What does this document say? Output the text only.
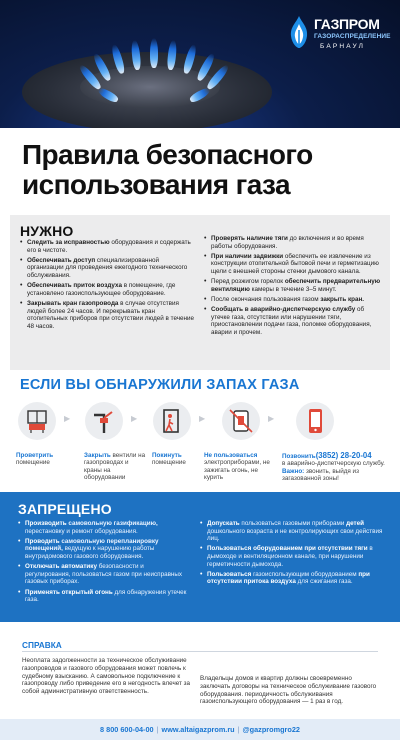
ГАЗПРОМ
ГАЗОРАСПРЕДЕЛЕНИЕ
БАРНАУЛ
Правила безопасного
использования газа
НУЖНО
• Следить за исправностью оборудования и содержать его в чистоте.
• Обеспечивать доступ специализированной организации для проведения ежегодного технического обслуживания.
• Обеспечивать приток воздуха в помещение, где установлено газоиспользующее оборудование.
• Закрывать кран газопровода в случае отсутствия людей более 24 часов. И перекрывать кран отопительных приборов при отсутствии людей в течение 48 часов.
• Проверять наличие тяги до включения и во время работы оборудования.
• При наличии задвижки обеспечить ее извлечение из конструкции отопительной бытовой печи и герметизацию щели с внешней стороны стенки дымового канала.
• Перед розжигом горелок обеспечить предварительную вентиляцию камеры в течение 3–5 минут.
• После окончания пользования газом закрыть кран.
• Сообщать в аварийно-диспетчерскую службу об утечке газа, отсутствии или нарушении тяги, приостановлении подачи газа, поломке оборудования, аварии и прочем.
ЕСЛИ ВЫ ОБНАРУЖИЛИ ЗАПАХ ГАЗА
▶	▶	▶	▶
Проветрить
помещение
Закрыть вентили на газопроводах и краны на оборудовании
Покинуть
помещение
Не пользоваться
электроприборами, не зажигать огонь, не курить
Позвонить(3852) 28-20-04
в аварийно-диспетчерскую службу. Важно: звонить, выйдя из загазованной зоны!
ЗАПРЕЩЕНО
• Производить самовольную газификацию, перестановку и ремонт оборудования.
• Проводить самовольную перепланировку помещений, ведущую к нарушению работы внутридомового газового оборудования.
• Отключать автоматику безопасности и регулирования, пользоваться газом при неисправных газовых приборах.
• Применять открытый огонь для обнаружения утечек газа.
• Допускать пользоваться газовыми приборами детей дошкольного возраста и не контролирующих свои действия лиц.
• Пользоваться оборудованием при отсутствии тяги в дымоходе и вентиляционном канале, при нарушении герметичности дымохода.
• Пользоваться газоиспользующим оборудованием при отсутствии притока воздуха для сжигания газа.
СПРАВКА
Неоплата задолженности за техническое обслуживание газопроводов и газового оборудования может повлечь к судебному взысканию. А самовольное подключение к газопроводу либо приведение его в негодность влечет за собой административную ответственность.
Владельцы домов и квартир должны своевременно заключать договоры на техническое обслуживание газового оборудования. периодичность обслуживания газоиспользующего оборудования — 1 раз в год.
8 800 600-04-00 | www.altaigazprom.ru | @gazpromgro22
